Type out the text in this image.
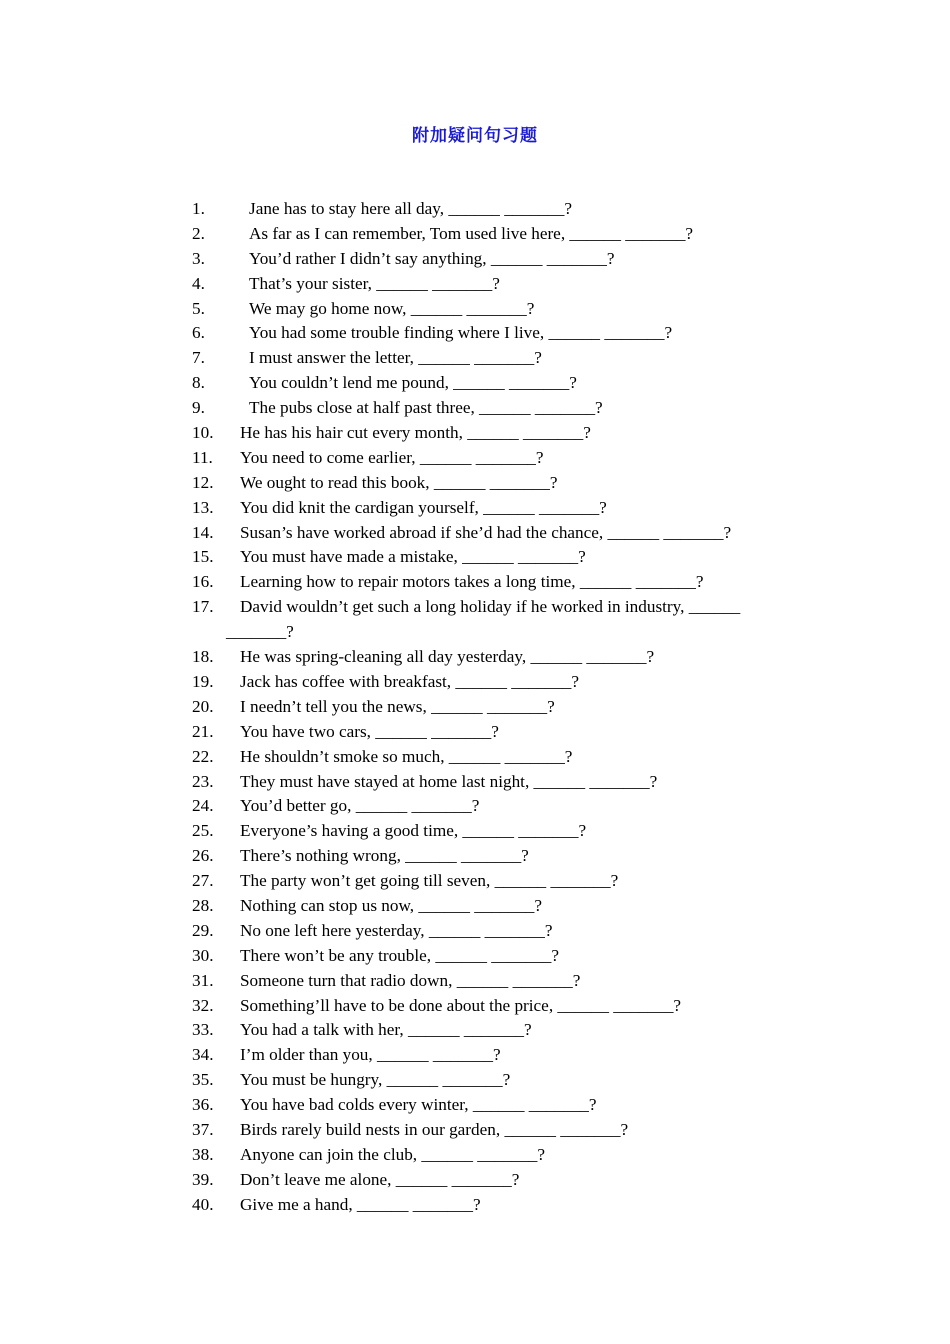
附加疑问句习题
1.	Jane has to stay here all day, ______ _______?
2.	As far as I can remember, Tom used live here, ______ _______?
3.	You’d rather I didn’t say anything, ______ _______?
4.	That’s your sister, ______ _______?
5.	We may go home now, ______ _______?
6.	You had some trouble finding where I live, ______ _______?
7.	I must answer the letter, ______ _______?
8.	You couldn’t lend me pound, ______ _______?
9.	The pubs close at half past three, ______ _______?
10. He has his hair cut every month, ______ _______?
11. You need to come earlier, ______ _______?
12. We ought to read this book, ______ _______?
13. You did knit the cardigan yourself, ______ _______?
14. Susan’s have worked abroad if she’d had the chance, ______ _______?
15. You must have made a mistake, ______ _______?
16. Learning how to repair motors takes a long time, ______ _______?
17. David wouldn’t get such a long holiday if he worked in industry, ______
_______?
18. He was spring-cleaning all day yesterday, ______ _______?
19. Jack has coffee with breakfast, ______ _______?
20. I needn’t tell you the news, ______ _______?
21. You have two cars, ______ _______?
22. He shouldn’t smoke so much, ______ _______?
23. They must have stayed at home last night, ______ _______?
24. You’d better go, ______ _______?
25. Everyone’s having a good time, ______ _______?
26. There’s nothing wrong, ______ _______?
27. The party won’t get going till seven, ______ _______?
28. Nothing can stop us now, ______ _______?
29. No one left here yesterday, ______ _______?
30. There won’t be any trouble, ______ _______?
31. Someone turn that radio down, ______ _______?
32. Something’ll have to be done about the price, ______ _______?
33. You had a talk with her, ______ _______?
34. I’m older than you, ______ _______?
35. You must be hungry, ______ _______?
36. You have bad colds every winter, ______ _______?
37. Birds rarely build nests in our garden, ______ _______?
38. Anyone can join the club, ______ _______?
39. Don’t leave me alone, ______ _______?
40. Give me a hand, ______ _______?
